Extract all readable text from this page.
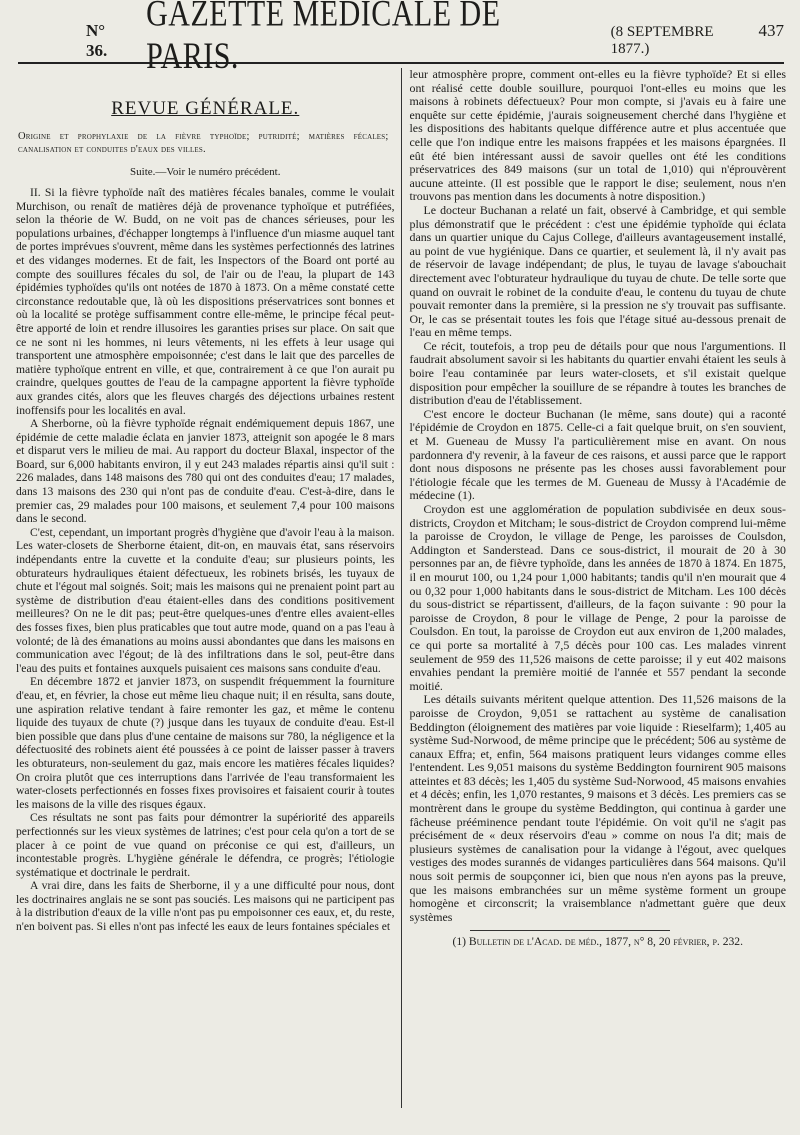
N° 36.
GAZETTE MEDICALE DE PARIS.
(8 SEPTEMBRE 1877.)
437
REVUE GÉNÉRALE.
Origine et prophylaxie de la fièvre typhoïde; putridité; matières fécales; canalisation et conduites d'eaux des villes.
Suite.—Voir le numéro précédent.

II. Si la fièvre typhoïde naît des matières fécales banales, comme le voulait Murchison, ou renaît de matières déjà de provenance typhoïque et putréfiées, selon la théorie de W. Budd, on ne voit pas de chances sérieuses, pour les populations urbaines, d'échapper longtemps à l'influence d'un miasme auquel tant de portes imprévues s'ouvrent, même dans les systèmes perfectionnés des latrines et des vidanges modernes. Et de fait, les Inspectors of the Board ont porté au compte des souillures fécales du sol, de l'air ou de l'eau, la plupart de 143 épidémies typhoïdes qu'ils ont notées de 1870 à 1873. On a même constaté cette circonstance redoutable que, là où les dispositions préservatrices sont bonnes et où la localité se protège suffisamment contre elle-même, le principe fécal peut-être apporté de loin et rendre illusoires les garanties prises sur place. On sait que ce ne sont ni les hommes, ni leurs vêtements, ni les effets à leur usage qui transportent une atmosphère empoisonnée; c'est dans le lait que des parcelles de matière typhoïque entrent en ville, et que, contrairement à ce que l'on aurait pu craindre, quelques gouttes de l'eau de la campagne apportent la fièvre typhoïde aux grandes cités, alors que les fleuves chargés des déjections urbaines restent inoffensifs pour les localités en aval.

A Sherborne, où la fièvre typhoïde régnait endémiquement depuis 1867, une épidémie de cette maladie éclata en janvier 1873, atteignit son apogée le 8 mars et disparut vers le milieu de mai. Au rapport du docteur Blaxal, inspector of the Board, sur 6,000 habitants environ, il y eut 243 malades répartis ainsi qu'il suit : 226 malades, dans 148 maisons des 780 qui ont des conduites d'eau; 17 malades, dans 13 maisons des 230 qui n'ont pas de conduite d'eau. C'est-à-dire, dans le premier cas, 29 malades pour 100 maisons, et seulement 7,4 pour 100 maisons dans le second.

C'est, cependant, un important progrès d'hygiène que d'avoir l'eau à la maison. Les water-closets de Sherborne étaient, dit-on, en mauvais état, sans réservoirs indépendants entre la cuvette et la conduite d'eau; sur plusieurs points, les obturateurs hydrauliques étaient défectueux, les robinets brisés, les tuyaux de chute et l'égout mal soignés. Soit; mais les maisons qui ne prenaient point part au système de distribution d'eau étaient-elles dans des conditions positivement meilleures? On ne le dit pas; peut-être quelques-unes d'entre elles avaient-elles des fosses fixes, bien plus praticables que tout autre mode, quand on a pas l'eau à volonté; de là des émanations au moins aussi abondantes que dans les maisons en communication avec l'égout; de là des infiltrations dans le sol, peut-être dans l'eau des puits et fontaines auxquels puisaient ces maisons sans conduite d'eau.

En décembre 1872 et janvier 1873, on suspendit fréquemment la fourniture d'eau, et, en février, la chose eut même lieu chaque nuit; il en résulta, sans doute, une aspiration relative tendant à faire remonter les gaz, et même le contenu liquide des tuyaux de chute (?) jusque dans les tuyaux de conduite d'eau. Est-il bien possible que dans plus d'une centaine de maisons sur 780, la négligence et la défectuosité des robinets aient été poussées à ce point de laisser passer à travers les obturateurs, non-seulement du gaz, mais encore les matières fécales liquides? On croira plutôt que ces interruptions dans l'arrivée de l'eau transformaient les water-closets perfectionnés en fosses fixes provisoires et faisaient courir à toutes les maisons de la ville des risques égaux.

Ces résultats ne sont pas faits pour démontrer la supériorité des appareils perfectionnés sur les vieux systèmes de latrines; c'est pour cela qu'on a tort de se placer à ce point de vue quand on préconise ce qui est, d'ailleurs, un incontestable progrès. L'hygiène générale le défendra, ce progrès; l'étiologie systématique et doctrinale le perdrait.

A vrai dire, dans les faits de Sherborne, il y a une difficulté pour nous, dont les doctrinaires anglais ne se sont pas souciés. Les maisons qui ne participent pas à la distribution d'eaux de la ville n'ont pas pu empoisonner ces eaux, et, du reste, n'en boivent pas. Si elles n'ont pas infecté les eaux de leurs fontaines spéciales et

leur atmosphère propre, comment ont-elles eu la fièvre typhoïde? Et si elles ont réalisé cette double souillure, pourquoi l'ont-elles eu moins que les maisons à robinets défectueux? Pour mon compte, si j'avais eu à faire une enquête sur cette épidémie, j'aurais soigneusement cherché dans l'hygiène et les dispositions des habitants quelque différence autre et plus accentuée que celle que l'on indique entre les maisons frappées et les maisons épargnées. Il eût été bien intéressant aussi de savoir quelles ont été les conditions préservatrices des 849 maisons (sur un total de 1,010) qui n'éprouvèrent aucune atteinte. (Il est possible que le rapport le dise; seulement, nous n'en trouvons pas mention dans les documents à notre disposition.)

Le docteur Buchanan a relaté un fait, observé à Cambridge, et qui semble plus démonstratif que le précédent : c'est une épidémie typhoïde qui éclata dans un quartier unique du Cajus College, d'ailleurs avantageusement installé, au point de vue hygiénique. Dans ce quartier, et seulement là, il n'y avait pas de réservoir de lavage indépendant; de plus, le tuyau de lavage s'abouchait directement avec l'obturateur hydraulique du tuyau de chute. De telle sorte que quand on ouvrait le robinet de la conduite d'eau, le contenu du tuyau de chute pouvait remonter dans la première, si la pression ne s'y trouvait pas suffisante. Or, le cas se présentait toutes les fois que l'étage situé au-dessous prenait de l'eau en même temps.

Ce récit, toutefois, a trop peu de détails pour que nous l'argumentions. Il faudrait absolument savoir si les habitants du quartier envahi étaient les seuls à boire l'eau contaminée par leurs water-closets, et s'il existait quelque disposition pour empêcher la souillure de se répandre à toutes les branches de distribution d'eau de l'établissement.

C'est encore le docteur Buchanan (le même, sans doute) qui a raconté l'épidémie de Croydon en 1875. Celle-ci a fait quelque bruit, on s'en souvient, et M. Gueneau de Mussy l'a particulièrement mise en avant. On nous pardonnera d'y revenir, à la faveur de ces raisons, et aussi parce que le rapport dont nous disposons ne présente pas les choses aussi favorablement pour l'étiologie fécale que les termes de M. Gueneau de Mussy à l'Académie de médecine (1).

Croydon est une agglomération de population subdivisée en deux sous-districts, Croydon et Mitcham; le sous-district de Croydon comprend lui-même la paroisse de Croydon, le village de Penge, les paroisses de Coulsdon, Addington et Sanderstead. Dans ce sous-district, il mourait de 20 à 30 personnes par an, de fièvre typhoïde, dans les années de 1870 à 1874. En 1875, il en mourut 100, ou 1,24 pour 1,000 habitants; tandis qu'il n'en mourait que 4 ou 0,32 pour 1,000 habitants dans le sous-district de Mitcham. Les 100 décès du sous-district se répartissent, d'ailleurs, de la façon suivante : 90 pour la paroisse de Croydon, 8 pour le village de Penge, 2 pour la paroisse de Coulsdon. En tout, la paroisse de Croydon eut aux environ de 1,200 malades, ce qui porte sa mortalité à 7,5 décès pour 100 cas. Les malades vinrent seulement de 959 des 11,526 maisons de cette paroisse; il y eut 402 maisons envahies pendant la première moitié de l'année et 557 pendant la seconde moitié.

Les détails suivants méritent quelque attention. Des 11,526 maisons de la paroisse de Croydon, 9,051 se rattachent au système de canalisation Beddington (éloignement des matières par voie liquide : Rieselfarm); 1,405 au système Sud-Norwood, de même principe que le précédent; 506 au système de canaux Effra; et, enfin, 564 maisons pratiquent leurs vidanges comme elles l'entendent. Les 9,051 maisons du système Beddington fournirent 905 maisons atteintes et 83 décès; les 1,405 du système Sud-Norwood, 45 maisons envahies et 4 décès; enfin, les 1,070 restantes, 9 maisons et 3 décès. Les premiers cas se montrèrent dans le groupe du système Beddington, qui continua à garder une fâcheuse prééminence pendant toute l'épidémie. On voit qu'il ne s'agit pas précisément de « deux réservoirs d'eau » comme on nous l'a dit; mais de plusieurs systèmes de canalisation pour la vidange à l'égout, avec quelques vestiges des modes surannés de vidanges particulières dans 564 maisons. Qu'il nous soit permis de soupçonner ici, bien que nous n'en ayons pas la preuve, que les maisons embranchées sur un même système forment un groupe homogène et circonscrit; la vraisemblance n'admettant guère que deux systèmes

(1) Bulletin de l'Acad. de méd., 1877, n° 8, 20 février, p. 232.
